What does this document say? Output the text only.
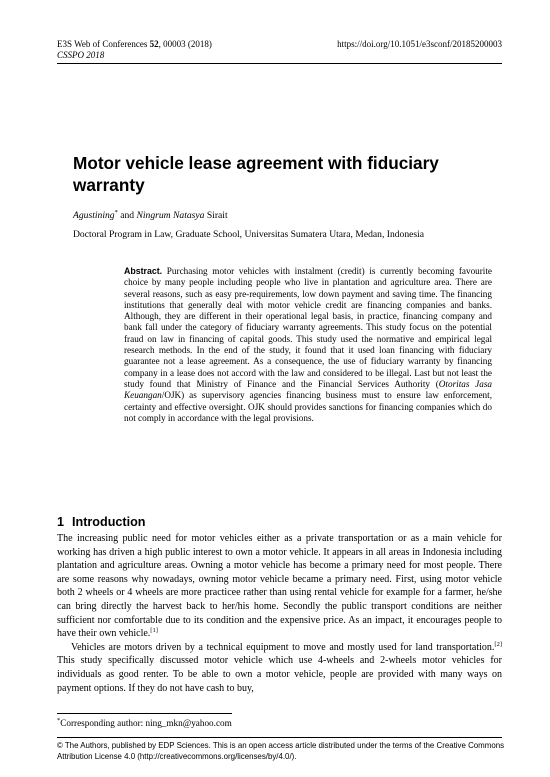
E3S Web of Conferences 52, 00003 (2018)
CSSPO 2018
https://doi.org/10.1051/e3sconf/20185200003
Motor vehicle lease agreement with fiduciary warranty
Agustining* and Ningrum Natasya Sirait
Doctoral Program in Law, Graduate School, Universitas Sumatera Utara, Medan, Indonesia

Abstract. Purchasing motor vehicles with instalment (credit) is currently becoming favourite choice by many people including people who live in plantation and agriculture area. There are several reasons, such as easy pre-requirements, low down payment and saving time. The financing institutions that generally deal with motor vehicle credit are financing companies and banks. Although, they are different in their operational legal basis, in practice, financing company and bank fall under the category of fiduciary warranty agreements. This study focus on the potential fraud on law in financing of capital goods. This study used the normative and empirical legal research methods. In the end of the study, it found that it used loan financing with fiduciary guarantee not a lease agreement. As a consequence, the use of fiduciary warranty by financing company in a lease does not accord with the law and considered to be illegal. Last but not least the study found that Ministry of Finance and the Financial Services Authority (Otoritas Jasa Keuangan/OJK) as supervisory agencies financing business must to ensure law enforcement, certainty and effective oversight. OJK should provides sanctions for financing companies which do not comply in accordance with the legal provisions.

1 Introduction

The increasing public need for motor vehicles either as a private transportation or as a main vehicle for working has driven a high public interest to own a motor vehicle. It appears in all areas in Indonesia including plantation and agriculture areas. Owning a motor vehicle has become a primary need for most people. There are some reasons why nowadays, owning motor vehicle became a primary need. First, using motor vehicle both 2 wheels or 4 wheels are more practicee rather than using rental vehicle for example for a farmer, he/she can bring directly the harvest back to her/his home. Secondly the public transport conditions are neither sufficient nor comfortable due to its condition and the expensive price. As an impact, it encourages people to have their own vehicle.[1]

Vehicles are motors driven by a technical equipment to move and mostly used for land transportation.[2] This study specifically discussed motor vehicle which use 4-wheels and 2-wheels motor vehicles for individuals as good renter. To be able to own a motor vehicle, people are provided with many ways on payment options. If they do not have cash to buy,

*Corresponding author: ning_mkn@yahoo.com
© The Authors, published by EDP Sciences. This is an open access article distributed under the terms of the Creative Commons Attribution License 4.0 (http://creativecommons.org/licenses/by/4.0/).
